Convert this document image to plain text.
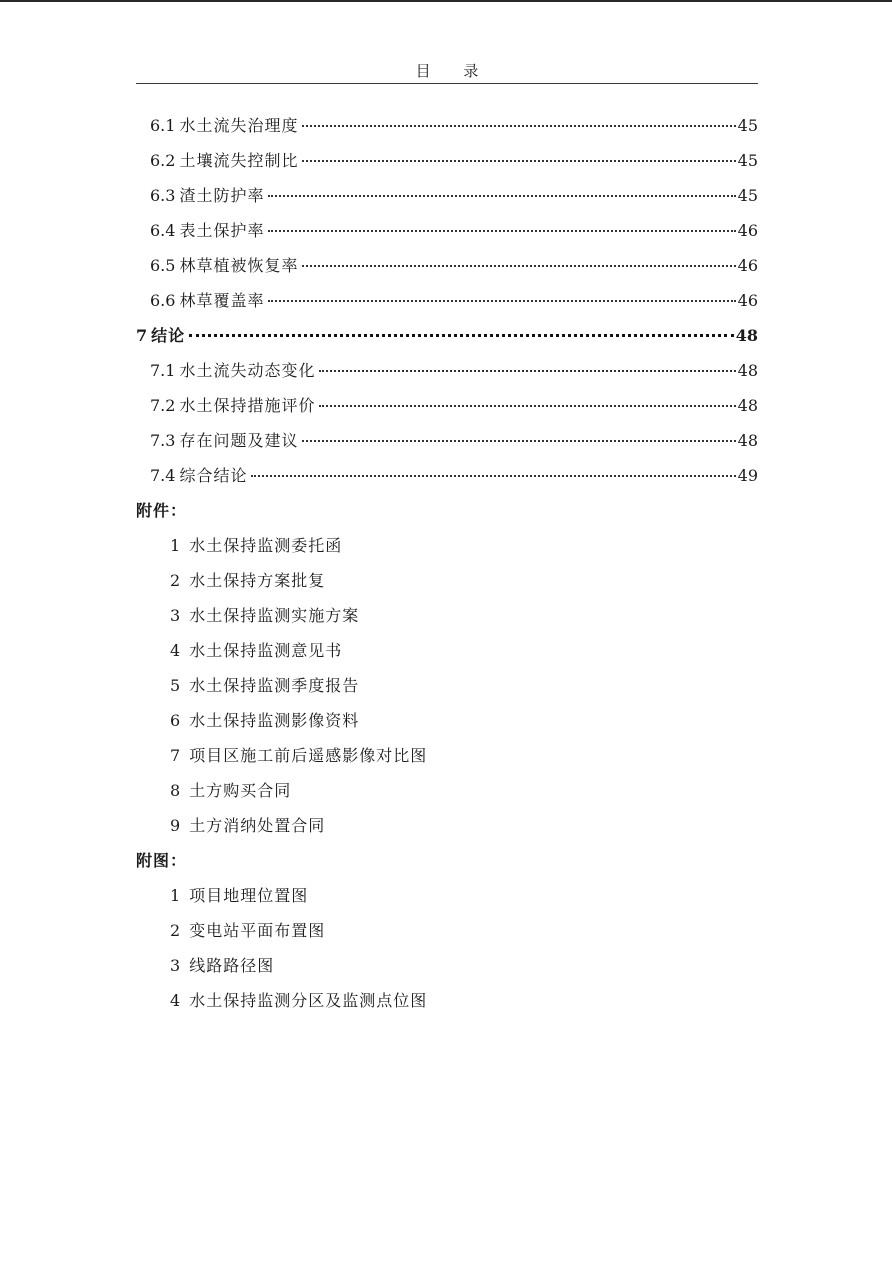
目 录
6.1 水土流失治理度	45
6.2 土壤流失控制比	45
6.3 渣土防护率	45
6.4 表土保护率	46
6.5 林草植被恢复率	46
6.6 林草覆盖率	46
7 结论	48
7.1 水土流失动态变化	48
7.2 水土保持措施评价	48
7.3 存在问题及建议	48
7.4 综合结论	49
附件：
1 水土保持监测委托函
2 水土保持方案批复
3 水土保持监测实施方案
4 水土保持监测意见书
5 水土保持监测季度报告
6 水土保持监测影像资料
7 项目区施工前后遥感影像对比图
8 土方购买合同
9 土方消纳处置合同
附图：
1 项目地理位置图
2 变电站平面布置图
3 线路路径图
4 水土保持监测分区及监测点位图
